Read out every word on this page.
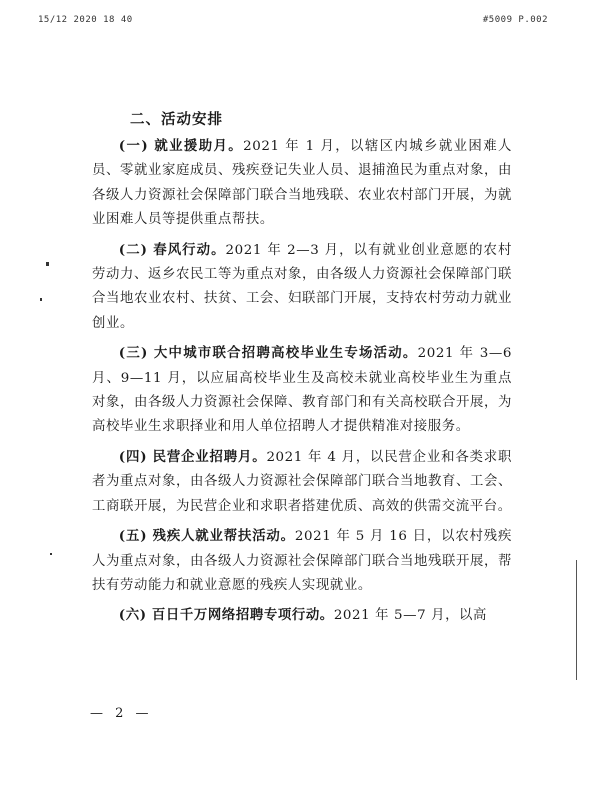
15/12 2020 18 40	#5009 P.002
二、活动安排

(一) 就业援助月。2021 年 1 月，以辖区内城乡就业困难人员、零就业家庭成员、残疾登记失业人员、退捕渔民为重点对象，由各级人力资源社会保障部门联合当地残联、农业农村部门开展，为就业困难人员等提供重点帮扶。

(二) 春风行动。2021 年 2—3 月，以有就业创业意愿的农村劳动力、返乡农民工等为重点对象，由各级人力资源社会保障部门联合当地农业农村、扶贫、工会、妇联部门开展，支持农村劳动力就业创业。

(三) 大中城市联合招聘高校毕业生专场活动。2021 年 3—6 月、9—11 月，以应届高校毕业生及高校未就业高校毕业生为重点对象，由各级人力资源社会保障、教育部门和有关高校联合开展，为高校毕业生求职择业和用人单位招聘人才提供精准对接服务。

(四) 民营企业招聘月。2021 年 4 月，以民营企业和各类求职者为重点对象，由各级人力资源社会保障部门联合当地教育、工会、工商联开展，为民营企业和求职者搭建优质、高效的供需交流平台。

(五) 残疾人就业帮扶活动。2021 年 5 月 16 日，以农村残疾人为重点对象，由各级人力资源社会保障部门联合当地残联开展，帮扶有劳动能力和就业意愿的残疾人实现就业。

(六) 百日千万网络招聘专项行动。2021 年 5—7 月，以高

— 2 —
